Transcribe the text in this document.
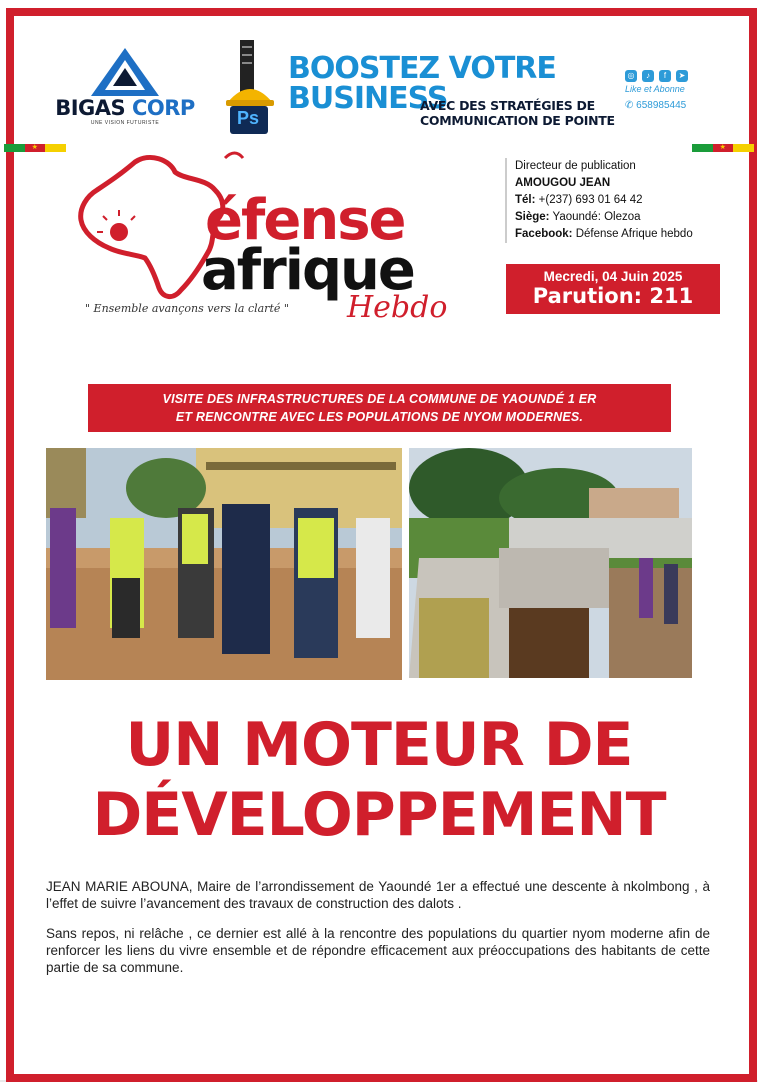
★	★
BIGAS CORP
UNE VISION FUTURISTE	Ps
BOOSTEZ VOTRE
BUSINESS
AVEC DES STRATÉGIES DE
COMMUNICATION DE POINTE
◎	♪	f	➤
Like et Abonne
✆ 658985445
éfense
afrique
" Ensemble avançons vers la clarté " Hebdo
Directeur de publication
AMOUGOU JEAN
Tél: +(237) 693 01 64 42
Siège: Yaoundé: Olezoa
Facebook: Défense Afrique hebdo
Mecredi, 04 Juin 2025
Parution: 211
VISITE DES INFRASTRUCTURES DE LA COMMUNE DE YAOUNDÉ 1 ER
ET RENCONTRE AVEC LES POPULATIONS DE NYOM MODERNES.
UN MOTEUR DE
DÉVELOPPEMENT

JEAN MARIE ABOUNA, Maire de l’arrondissement de Yaoundé 1er a effectué une descente à nkolmbong , à l’effet de suivre l’avancement des travaux de construction des dalots .

Sans repos, ni relâche , ce dernier est allé à la rencontre des populations du quartier nyom moderne afin de renforcer les liens du vivre ensemble et de répondre efficacement aux préoccupations des habitants de cette partie de sa commune.
